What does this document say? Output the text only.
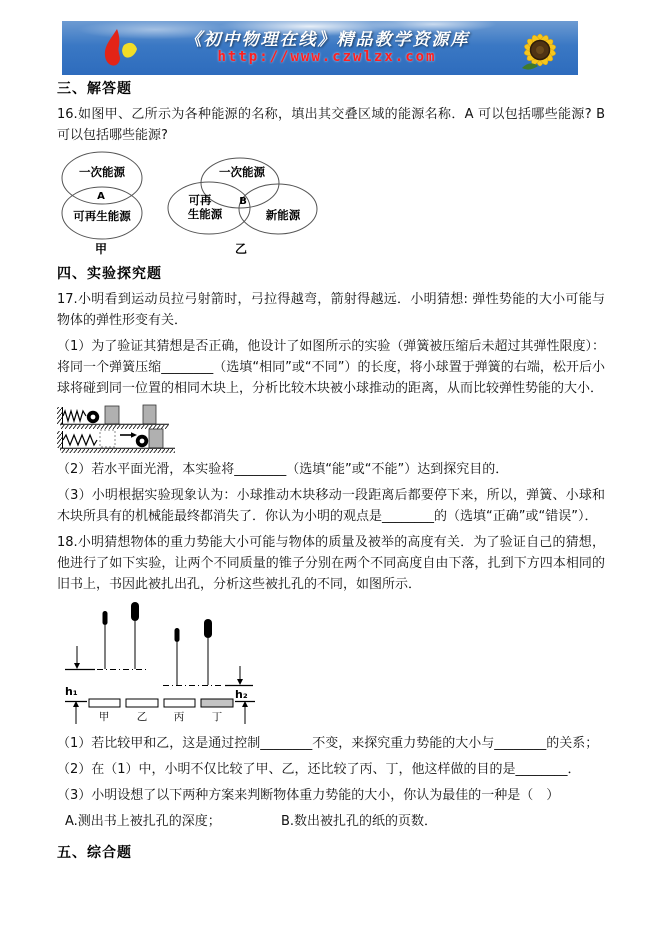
《初中物理在线》精品教学资源库
http://www.czwlzx.com
三、解答题
16.如图甲、乙所示为各种能源的名称，填出其交叠区域的能源名称．A 可以包括哪些能源? B 可以包括哪些能源?
一次能源
A
可再生能源
甲
一次能源
可再
生能源
B
新能源
乙
四、实验探究题
17.小明看到运动员拉弓射箭时，弓拉得越弯，箭射得越远．小明猜想: 弹性势能的大小可能与物体的弹性形变有关．
（1）为了验证其猜想是否正确，他设计了如图所示的实验（弹簧被压缩后未超过其弹性限度）：将同一个弹簧压缩________（选填“相同”或“不同”）的长度，将小球置于弹簧的右端，松开后小球将碰到同一位置的相同木块上，分析比较木块被小球推动的距离，从而比较弹性势能的大小．
（2）若水平面光滑，本实验将________（选填“能”或“不能”）达到探究目的．
（3）小明根据实验现象认为：小球推动木块移动一段距离后都要停下来，所以，弹簧、小球和木块所具有的机械能最终都消失了．你认为小明的观点是________的（选填“正确”或“错误”）．
18.小明猜想物体的重力势能大小可能与物体的质量及被举的高度有关．为了验证自己的猜想，他进行了如下实验，让两个不同质量的锥子分别在两个不同高度自由下落，扎到下方四本相同的旧书上，书因此被扎出孔，分析这些被扎孔的不同，如图所示．
h₁	h₂
甲	乙	丙	丁
（1）若比较甲和乙，这是通过控制________不变，来探究重力势能的大小与________的关系；
（2）在（1）中，小明不仅比较了甲、乙，还比较了丙、丁，他这样做的目的是________．
（3）小明设想了以下两种方案来判断物体重力势能的大小，你认为最佳的一种是（　）
A.测出书上被扎孔的深度；	B.数出被扎孔的纸的页数．
五、综合题
